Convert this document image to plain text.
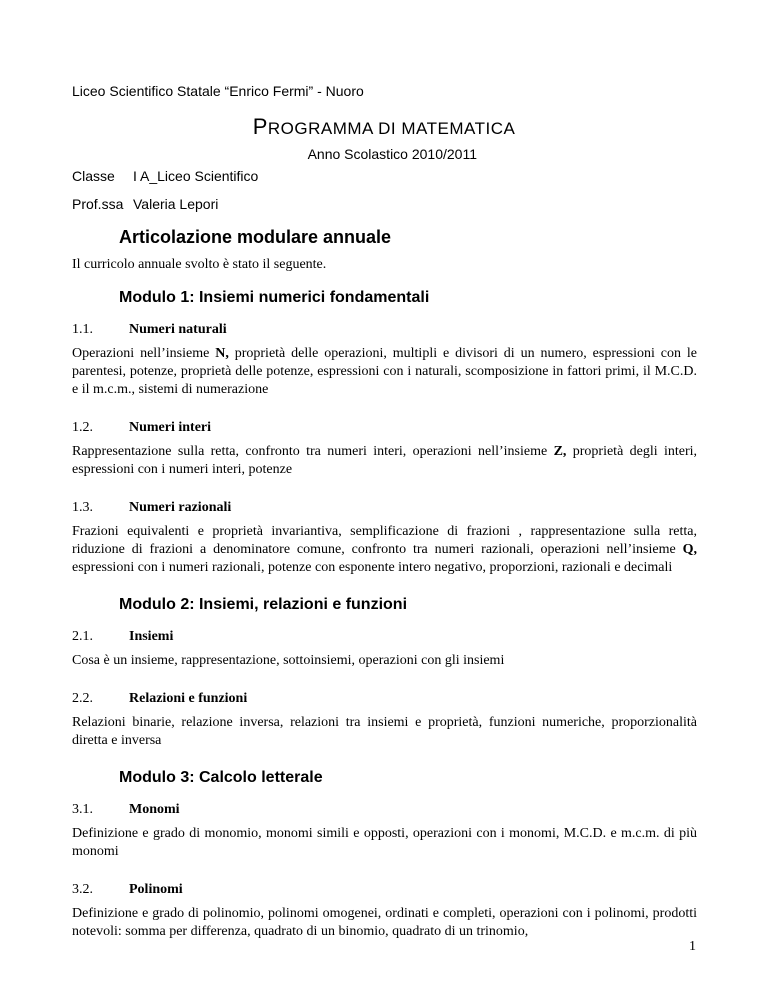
Liceo Scientifico Statale “Enrico Fermi” - Nuoro
PROGRAMMA DI MATEMATICA
Anno Scolastico 2010/2011
Classe I A_Liceo Scientifico
Prof.ssa Valeria Lepori
Articolazione modulare annuale

Il curricolo annuale svolto è stato il seguente.

Modulo 1: Insiemi numerici fondamentali
1.1.	Numeri naturali

Operazioni nell’insieme N, proprietà delle operazioni, multipli e divisori di un numero, espressioni con le parentesi, potenze, proprietà delle potenze, espressioni con i naturali, scomposizione in fattori primi, il M.C.D. e il m.c.m., sistemi di numerazione

1.2.	Numeri interi

Rappresentazione sulla retta, confronto tra numeri interi, operazioni nell’insieme Z, proprietà degli interi, espressioni con i numeri interi, potenze

1.3.	Numeri razionali

Frazioni equivalenti e proprietà invariantiva, semplificazione di frazioni , rappresentazione sulla retta, riduzione di frazioni a denominatore comune, confronto tra numeri razionali, operazioni nell’insieme Q, espressioni con i numeri razionali, potenze con esponente intero negativo, proporzioni, razionali e decimali

Modulo 2: Insiemi, relazioni e funzioni
2.1.	Insiemi

Cosa è un insieme, rappresentazione, sottoinsiemi, operazioni con gli insiemi

2.2.	Relazioni e funzioni

Relazioni binarie, relazione inversa, relazioni tra insiemi e proprietà, funzioni numeriche, proporzionalità diretta e inversa

Modulo 3: Calcolo letterale
3.1.	Monomi

Definizione e grado di monomio, monomi simili e opposti, operazioni con i monomi, M.C.D. e m.c.m. di più monomi

3.2.	Polinomi

Definizione e grado di polinomio, polinomi omogenei, ordinati e completi, operazioni con i polinomi, prodotti notevoli: somma per differenza, quadrato di un binomio, quadrato di un trinomio,

1
